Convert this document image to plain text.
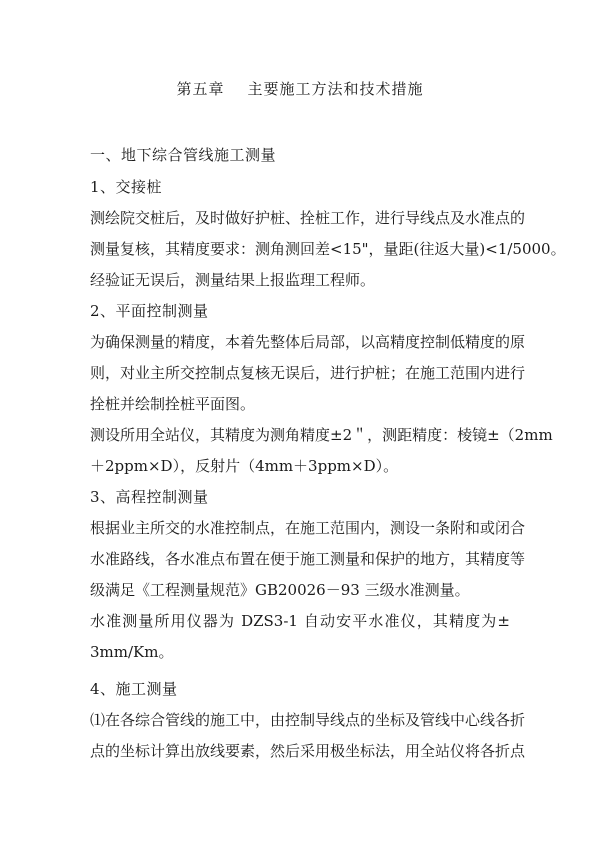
第五章    主要施工方法和技术措施
一、地下综合管线施工测量
1、交接桩
测绘院交桩后，及时做好护桩、拴桩工作，进行导线点及水准点的
测量复核，其精度要求：测角测回差<15"，量距(往返大量)<1/5000。
经验证无误后，测量结果上报监理工程师。
2、平面控制测量
为确保测量的精度，本着先整体后局部，以高精度控制低精度的原
则，对业主所交控制点复核无误后，进行护桩；在施工范围内进行
拴桩并绘制拴桩平面图。
测设所用全站仪，其精度为测角精度±2＂，测距精度：棱镜±（2mm
＋2ppm×D），反射片（4mm＋3ppm×D）。
3、高程控制测量
根据业主所交的水准控制点，在施工范围内，测设一条附和或闭合
水准路线，各水准点布置在便于施工测量和保护的地方，其精度等
级满足《工程测量规范》GB20026－93 三级水准测量。
水准测量所用仪器为 DZS3-1 自动安平水准仪，其精度为±
3mm/Km。
4、施工测量
⑴在各综合管线的施工中，由控制导线点的坐标及管线中心线各折
点的坐标计算出放线要素，然后采用极坐标法，用全站仪将各折点
